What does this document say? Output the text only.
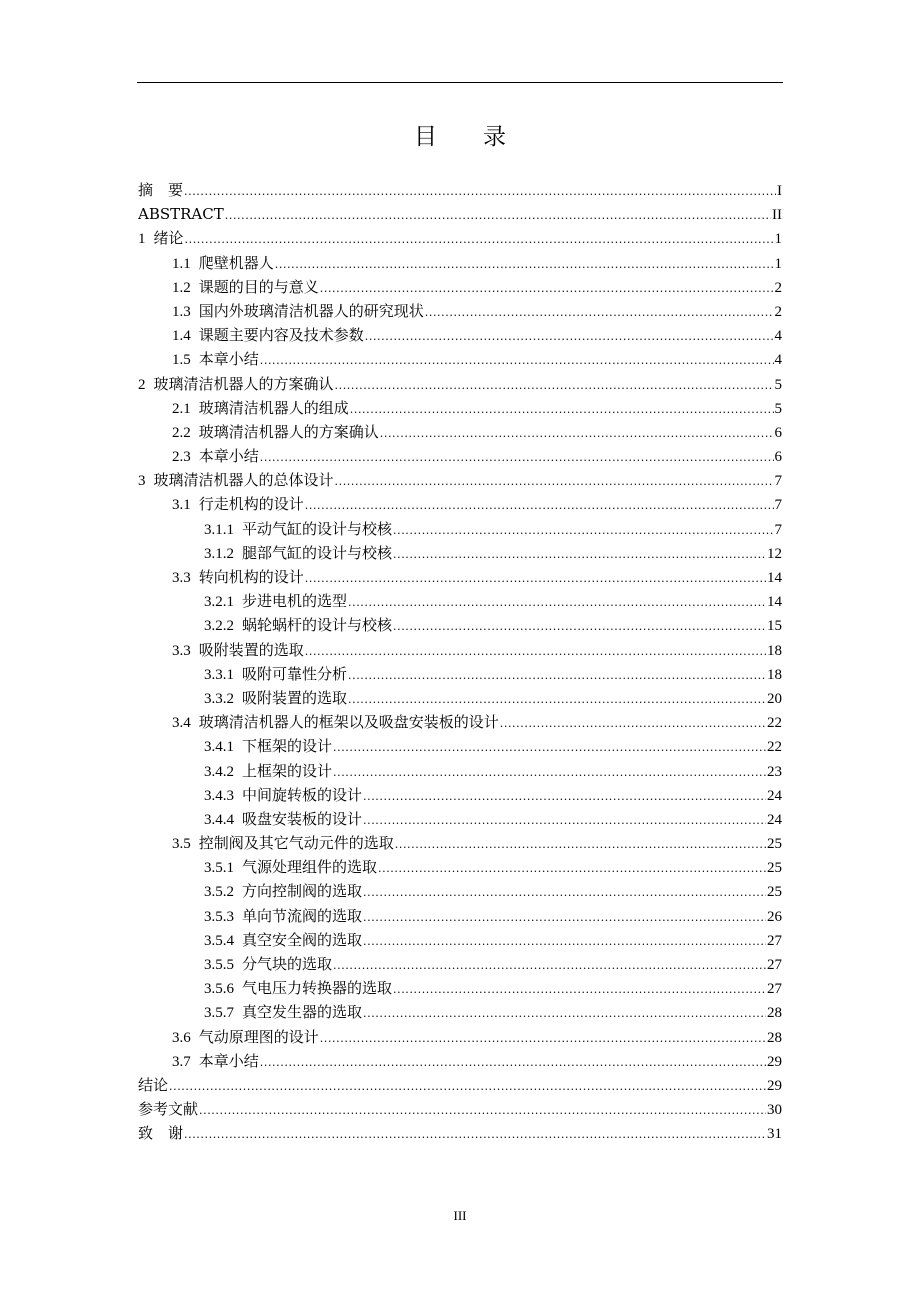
目 录
摘　要 .....	I
ABSTRACT .....	II
1 绪论 .....	1
1.1 爬壁机器人 .....	1
1.2 课题的目的与意义 .....	2
1.3 国内外玻璃清洁机器人的研究现状 .....	2
1.4 课题主要内容及技术参数 .....	4
1.5 本章小结 .....	4
2 玻璃清洁机器人的方案确认 .....	5
2.1 玻璃清洁机器人的组成 .....	5
2.2 玻璃清洁机器人的方案确认 .....	6
2.3 本章小结 .....	6
3 玻璃清洁机器人的总体设计 .....	7
3.1 行走机构的设计 .....	7
3.1.1 平动气缸的设计与校核 .....	7
3.1.2 腿部气缸的设计与校核 .....	12
3.3 转向机构的设计 .....	14
3.2.1 步进电机的选型 .....	14
3.2.2 蜗轮蜗杆的设计与校核 .....	15
3.3 吸附装置的选取 .....	18
3.3.1 吸附可靠性分析 .....	18
3.3.2 吸附装置的选取 .....	20
3.4 玻璃清洁机器人的框架以及吸盘安装板的设计 .....	22
3.4.1 下框架的设计 .....	22
3.4.2 上框架的设计 .....	23
3.4.3 中间旋转板的设计 .....	24
3.4.4 吸盘安装板的设计 .....	24
3.5 控制阀及其它气动元件的选取 .....	25
3.5.1 气源处理组件的选取 .....	25
3.5.2 方向控制阀的选取 .....	25
3.5.3 单向节流阀的选取 .....	26
3.5.4 真空安全阀的选取 .....	27
3.5.5 分气块的选取 .....	27
3.5.6 气电压力转换器的选取 .....	27
3.5.7 真空发生器的选取 .....	28
3.6 气动原理图的设计 .....	28
3.7 本章小结 .....	29
结论 .....	29
参考文献 .....	30
致　谢 .....	31
III
